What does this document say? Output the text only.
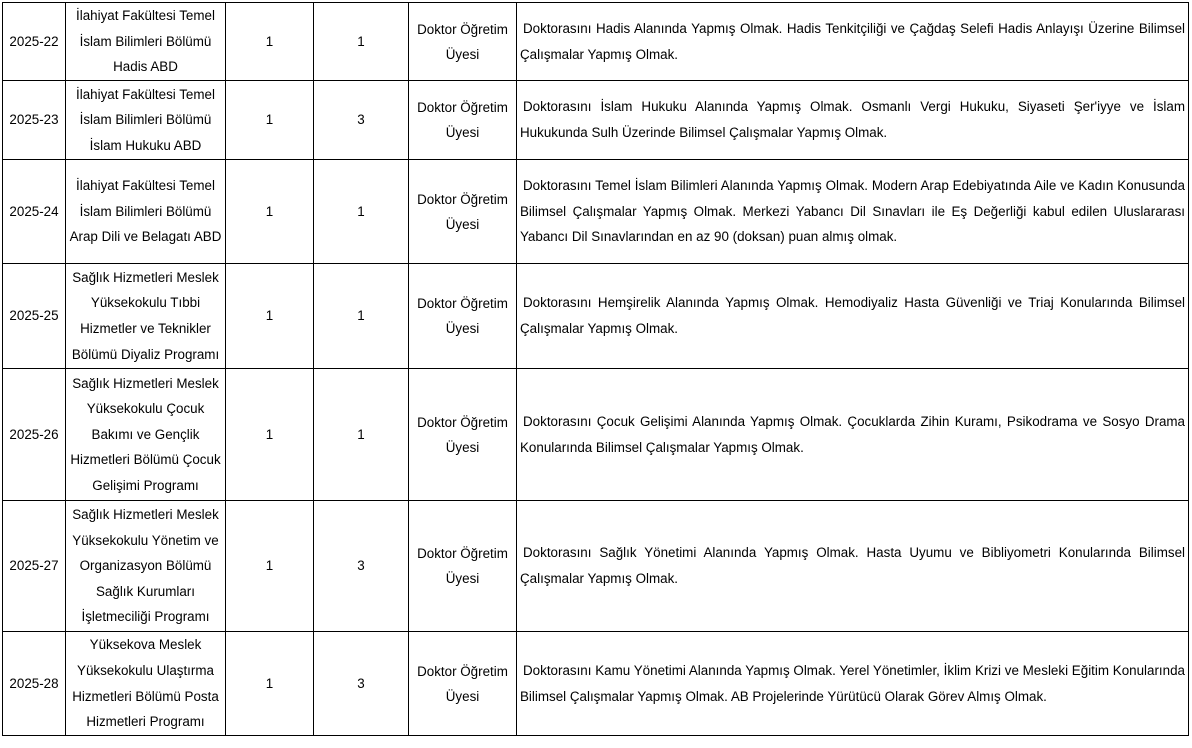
2025-22	İlahiyat Fakültesi Temel İslam Bilimleri Bölümü Hadis ABD	1	1	Doktor Öğretim Üyesi	Doktorasını Hadis Alanında Yapmış Olmak. Hadis Tenkitçiliği ve Çağdaş Selefi Hadis Anlayışı Üzerine Bilimsel Çalışmalar Yapmış Olmak.

2025-23	İlahiyat Fakültesi Temel İslam Bilimleri Bölümü İslam Hukuku ABD	1	3	Doktor Öğretim Üyesi	Doktorasını İslam Hukuku Alanında Yapmış Olmak. Osmanlı Vergi Hukuku, Siyaseti Şer'iyye ve İslam Hukukunda Sulh Üzerinde Bilimsel Çalışmalar Yapmış Olmak.

2025-24	İlahiyat Fakültesi Temel İslam Bilimleri Bölümü Arap Dili ve Belagatı ABD	1	1	Doktor Öğretim Üyesi	Doktorasını Temel İslam Bilimleri Alanında Yapmış Olmak. Modern Arap Edebiyatında Aile ve Kadın Konusunda Bilimsel Çalışmalar Yapmış Olmak. Merkezi Yabancı Dil Sınavları ile Eş Değerliği kabul edilen Uluslararası Yabancı Dil Sınavlarından en az 90 (doksan) puan almış olmak.

2025-25	Sağlık Hizmetleri Meslek Yüksekokulu Tıbbi Hizmetler ve Teknikler Bölümü Diyaliz Programı	1	1	Doktor Öğretim Üyesi	Doktorasını Hemşirelik Alanında Yapmış Olmak. Hemodiyaliz Hasta Güvenliği ve Triaj Konularında Bilimsel Çalışmalar Yapmış Olmak.

2025-26	Sağlık Hizmetleri Meslek Yüksekokulu Çocuk Bakımı ve Gençlik Hizmetleri Bölümü Çocuk Gelişimi Programı	1	1	Doktor Öğretim Üyesi	Doktorasını Çocuk Gelişimi Alanında Yapmış Olmak. Çocuklarda Zihin Kuramı, Psikodrama ve Sosyo Drama Konularında Bilimsel Çalışmalar Yapmış Olmak.

2025-27	Sağlık Hizmetleri Meslek Yüksekokulu Yönetim ve Organizasyon Bölümü Sağlık Kurumları İşletmeciliği Programı	1	3	Doktor Öğretim Üyesi	Doktorasını Sağlık Yönetimi Alanında Yapmış Olmak. Hasta Uyumu ve Bibliyometri Konularında Bilimsel Çalışmalar Yapmış Olmak.

2025-28	Yüksekova Meslek Yüksekokulu Ulaştırma Hizmetleri Bölümü Posta Hizmetleri Programı	1	3	Doktor Öğretim Üyesi	Doktorasını Kamu Yönetimi Alanında Yapmış Olmak. Yerel Yönetimler, İklim Krizi ve Mesleki Eğitim Konularında Bilimsel Çalışmalar Yapmış Olmak. AB Projelerinde Yürütücü Olarak Görev Almış Olmak.
